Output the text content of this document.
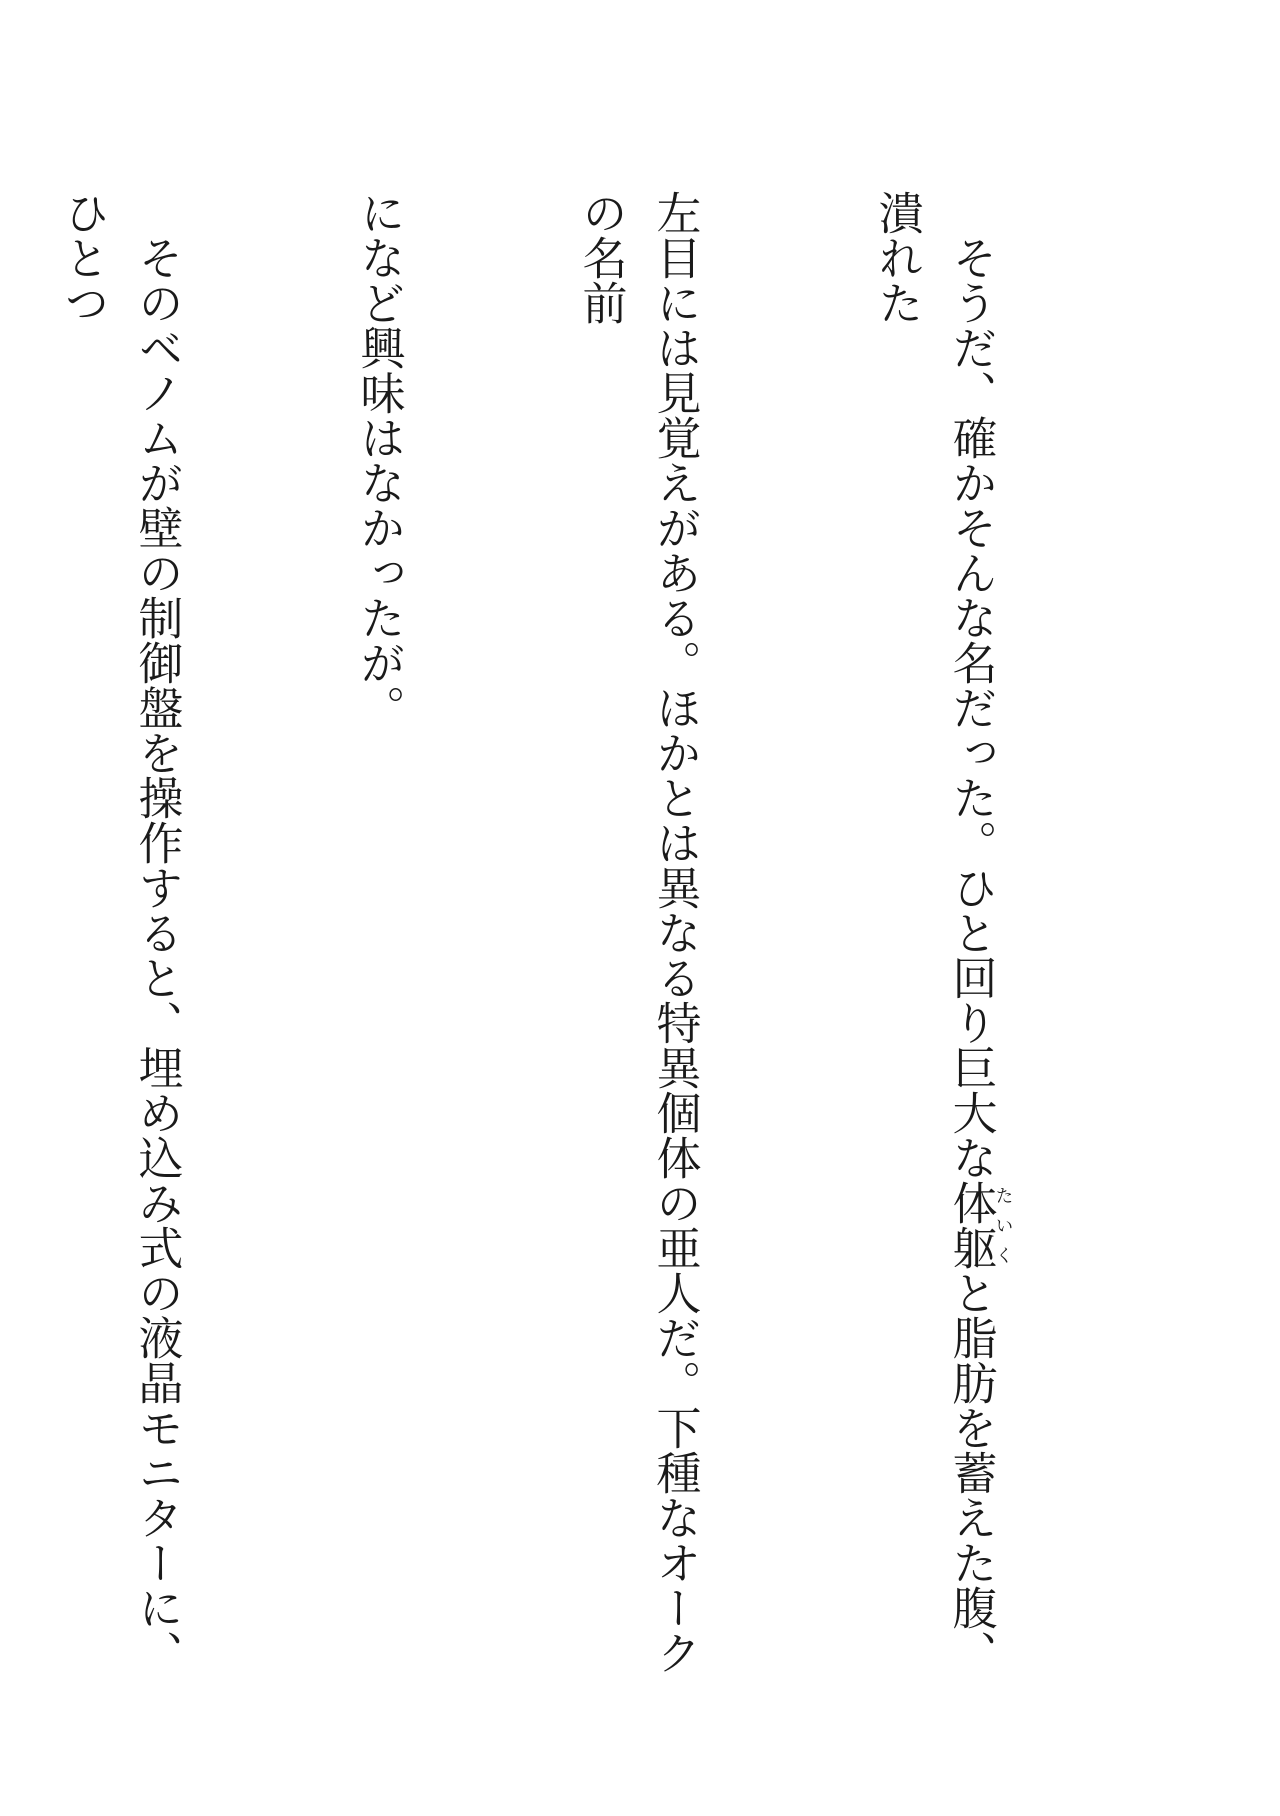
　そうだ、確かそんな名だった。ひと回り巨大な体躯たいくと脂肪を蓄えた腹、潰れた

左目には見覚えがある。ほかとは異なる特異個体の亜人だ。下種なオークの名前

になど興味はなかったが。

　そのベノムが壁の制御盤を操作すると、埋め込み式の液晶モニターに、ひとつ
